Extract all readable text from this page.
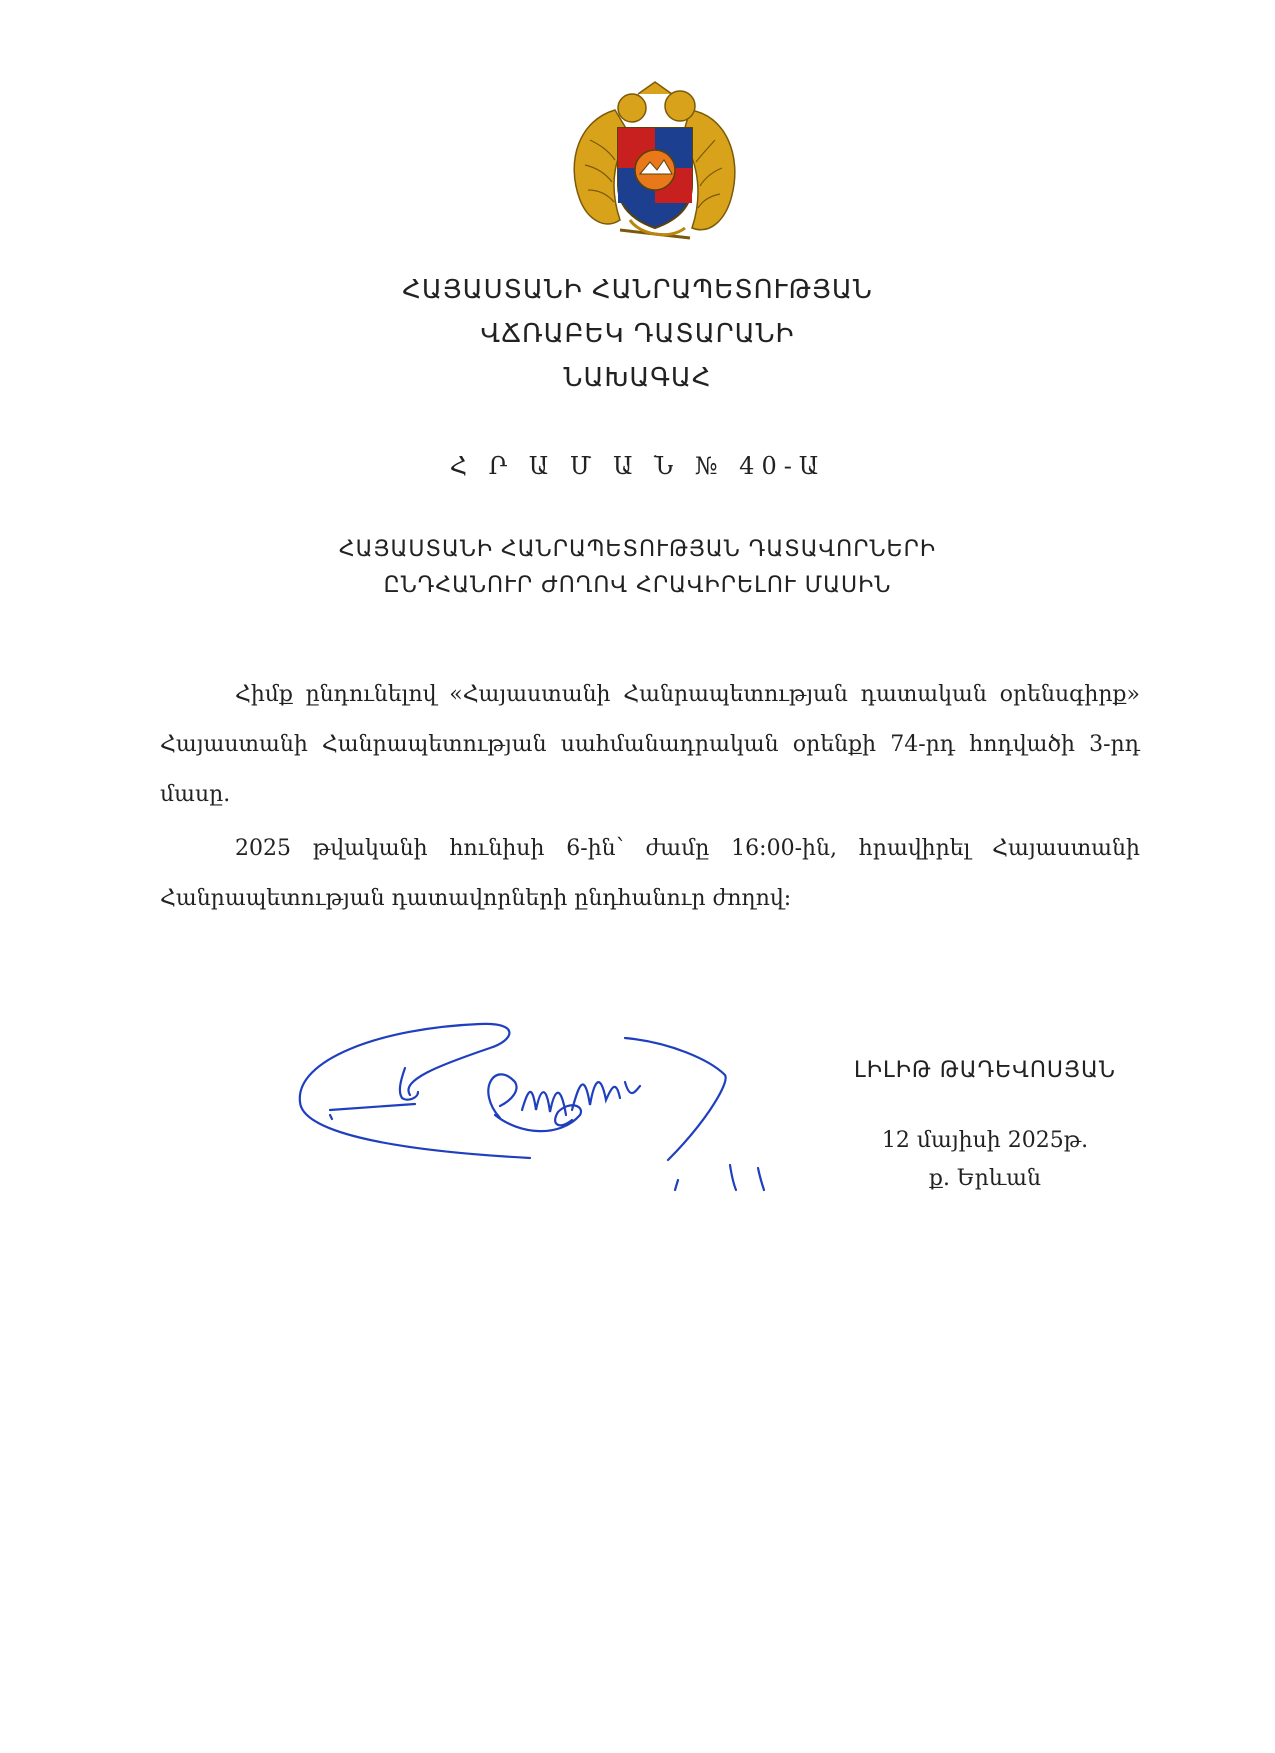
ՀԱՅԱՍՏԱՆԻ ՀԱՆՐԱՊԵՏՈՒԹՅԱՆ
ՎՃՌԱԲԵԿ ԴԱՏԱՐԱՆԻ
ՆԱԽԱԳԱՀ
Հ Ր Ա Մ Ա Ն № 40-Ա
ՀԱՅԱՍՏԱՆԻ ՀԱՆՐԱՊԵՏՈՒԹՅԱՆ ԴԱՏԱՎՈՐՆԵՐԻ
ԸՆԴՀԱՆՈՒՐ ԺՈՂՈՎ ՀՐԱՎԻՐԵԼՈՒ ՄԱՍԻՆ

Հիմք ընդունելով «Հայաստանի Հանրապետության դատական օրենսգիրք» Հայաստանի Հանրապետության սահմանադրական օրենքի 74-րդ հոդվածի 3-րդ մասը.

2025 թվականի հունիսի 6-ին՝ ժամը 16:00-ին, հրավիրել Հայաստանի Հանրապետության դատավորների ընդհանուր ժողով:

ԼԻԼԻԹ ԹԱԴԵՎՈՍՅԱՆ
12 մայիսի 2025թ.
ք. Երևան
